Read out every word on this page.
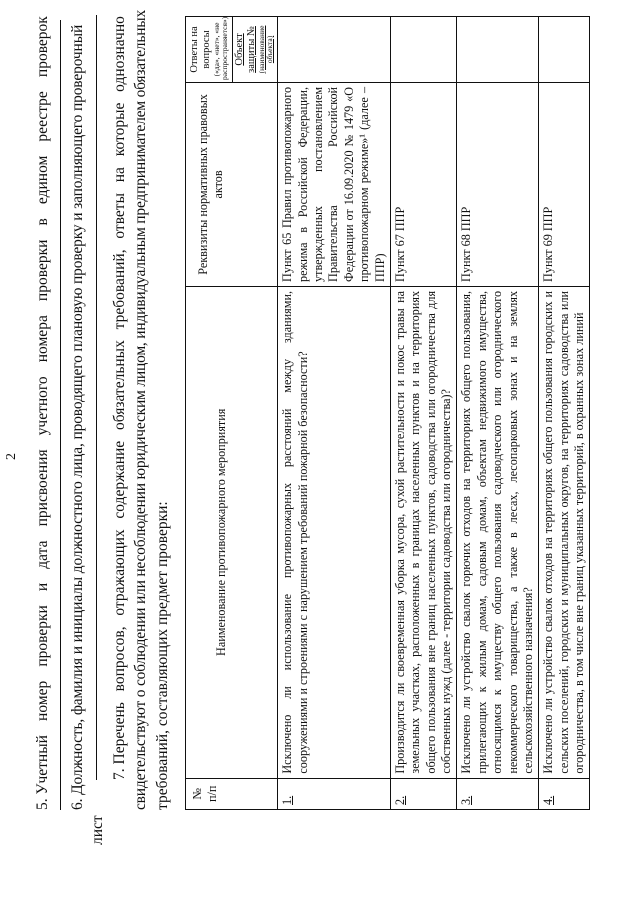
2
5. Учетный
номер
проверки
и
дата
присвоения
учетного
номера
проверки
в
едином
реестре
проверок 6. Должность, фамилия и инициалы должностного лица, проводящего плановую проверку и заполняющего проверочный
лист
7. Перечень
вопросов,
отражающих
содержание
обязательных
требований,
ответы
на
которые
однозначно свидетельствуют о соблюдении или несоблюдении юридическим лицом, индивидуальным предпринимателем обязательных требований, составляющих предмет проверки: № п/п	Наименование противопожарного мероприятия	Реквизиты нормативных правовых актов	Ответы на вопросы («да», «нет», «не распространяется») Объект защиты № (наименование объекта)

1.	Исключено ли использование противопожарных расстояний между зданиями, сооружениями и строениями с нарушением требований пожарной безопасности?	Пункт 65 Правил противопожарного режима в Российской Федерации, утвержденных постановлением Правительства Российской Федерации от 16.09.2020 № 1479 «О противопожарном режиме»¹ (далее – ППР)	
2.	Производится ли своевременная уборка мусора, сухой растительности и покос травы на земельных участках, расположенных в границах населенных пунктов и на территориях общего пользования вне границ населенных пунктов, садоводства или огородничества для собственных нужд (далее - территории садоводства или огородничества)?	Пункт 67 ППР	
3.	Исключено ли устройство свалок горючих отходов на территориях общего пользования, прилегающих к жилым домам, садовым домам, объектам недвижимого имущества, относящимся к имуществу общего пользования садоводческого или огороднического некоммерческого товарищества, а также в лесах, лесопарковых зонах и на землях сельскохозяйственного назначения?	Пункт 68 ППР	
4.	Исключено ли устройство свалок отходов на территориях общего пользования городских и сельских поселений, городских и муниципальных округов, на территориях садоводства или огородничества, в том числе вне границ указанных территорий, в охранных зонах линий	Пункт 69 ППР	
